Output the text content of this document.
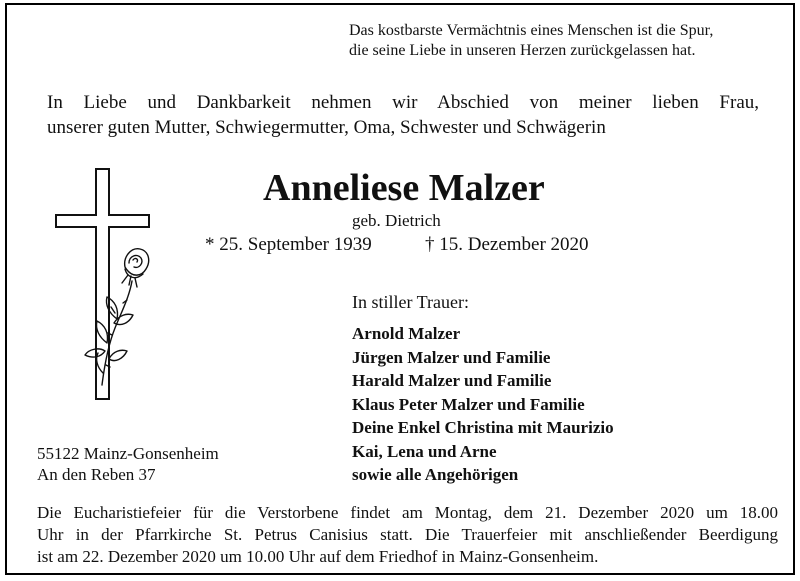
Das kostbarste Vermächtnis eines Menschen ist die Spur,
die seine Liebe in unseren Herzen zurückgelassen hat.
In Liebe und Dankbarkeit nehmen wir Abschied von meiner lieben Frau,
unserer guten Mutter, Schwiegermutter, Oma, Schwester und Schwägerin
Anneliese Malzer
geb. Dietrich
* 25. September 1939	† 15. Dezember 2020
In stiller Trauer:
Arnold Malzer
Jürgen Malzer und Familie
Harald Malzer und Familie
Klaus Peter Malzer und Familie
Deine Enkel Christina mit Maurizio
Kai, Lena und Arne
sowie alle Angehörigen
55122 Mainz-Gonsenheim
An den Reben 37
Die Eucharistiefeier für die Verstorbene findet am Montag, dem 21. Dezember 2020 um 18.00
Uhr in der Pfarrkirche St. Petrus Canisius statt. Die Trauerfeier mit anschließender Beerdigung
ist am 22. Dezember 2020 um 10.00 Uhr auf dem Friedhof in Mainz-Gonsenheim.
